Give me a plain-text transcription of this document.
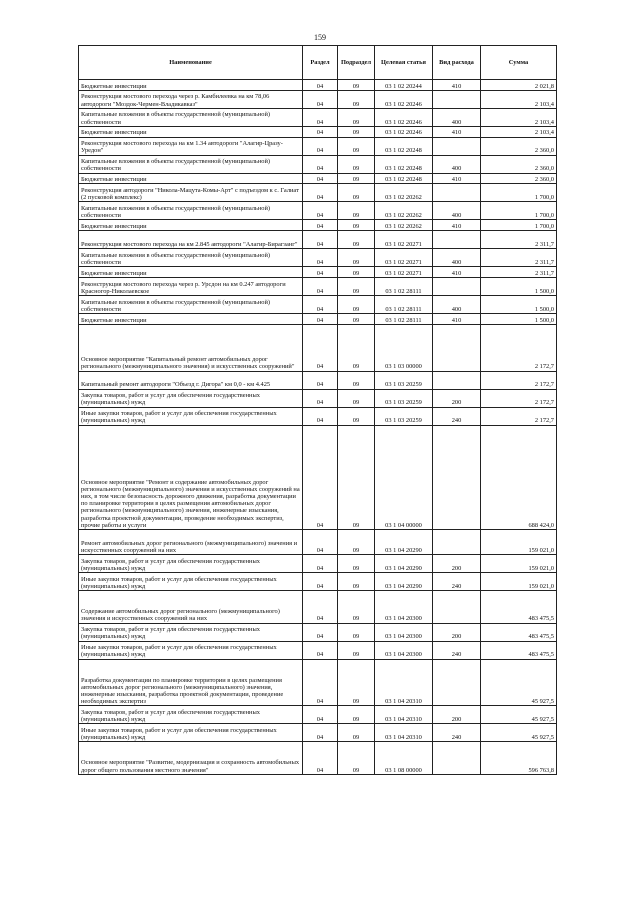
159
Наименование	Раздел	Подраздел	Целевая статья	Вид расхода	Сумма
Бюджетные инвестиции	04	09	03 1 02 20244	410	2 021,8
Реконструкция мостового перехода через р. Камбилеевка на км 78,06 автодороги "Моздок-Чермен-Владикавказ"	04	09	03 1 02 20246		2 103,4
Капитальные вложения в объекты государственной (муниципальной) собственности	04	09	03 1 02 20246	400	2 103,4
Бюджетные инвестиции	04	09	03 1 02 20246	410	2 103,4
Реконструкция мостового перехода на км 1.34 автодороги "Алагир-Цразу-Уредон"	04	09	03 1 02 20248		2 360,0
Капитальные вложения в объекты государственной (муниципальной) собственности	04	09	03 1 02 20248	400	2 360,0
Бюджетные инвестиции	04	09	03 1 02 20248	410	2 360,0
Реконструкция автодороги "Никола-Мацута-Комы-Арт" с подъездом к с. Галиат (2 пусковой комплекс)	04	09	03 1 02 20262		1 700,0
Капитальные вложения в объекты государственной (муниципальной) собственности	04	09	03 1 02 20262	400	1 700,0
Бюджетные инвестиции	04	09	03 1 02 20262	410	1 700,0
Реконструкция мостового перехода на км 2.845 автодороги "Алагир-Бирагзанг"	04	09	03 1 02 20271		2 311,7
Капитальные вложения в объекты государственной (муниципальной) собственности	04	09	03 1 02 20271	400	2 311,7
Бюджетные инвестиции	04	09	03 1 02 20271	410	2 311,7
Реконструкция мостового перехода через р. Урсдон на км 0.247 автодороги Красногор-Николаевское	04	09	03 1 02 28111		1 500,0
Капитальные вложения в объекты государственной (муниципальной) собственности	04	09	03 1 02 28111	400	1 500,0
Бюджетные инвестиции	04	09	03 1 02 28111	410	1 500,0
Основное мероприятие "Капитальный ремонт автомобильных дорог регионального (межмуниципального значения) и искусственных сооружений"	04	09	03 1 03 00000		2 172,7
Капитальный ремонт автодороги "Объезд г. Дигора" км 0,0 - км 4.425	04	09	03 1 03 20259		2 172,7
Закупка товаров, работ и услуг для обеспечения государственных (муниципальных) нужд	04	09	03 1 03 20259	200	2 172,7
Иные закупки товаров, работ и услуг для обеспечения государственных (муниципальных) нужд	04	09	03 1 03 20259	240	2 172,7
Основное мероприятие "Ремонт и содержание автомобильных дорог регионального (межмуниципального) значения и искусственных сооружений на них, в том числе безопасность дорожного движения, разработка документации по планировке территории в целях размещения автомобильных дорог регионального (межмуниципального) значения, инженерные изыскания, разработка проектной документации, проведение необходимых экспертиз, прочие работы и услуги	04	09	03 1 04 00000		688 424,0
Ремонт автомобильных дорог регионального (межмуниципального) значения и искусственных сооружений на них	04	09	03 1 04 20290		159 021,0
Закупка товаров, работ и услуг для обеспечения государственных (муниципальных) нужд	04	09	03 1 04 20290	200	159 021,0
Иные закупки товаров, работ и услуг для обеспечения государственных (муниципальных) нужд	04	09	03 1 04 20290	240	159 021,0
Содержание автомобильных дорог регионального (межмуниципального) значения и искусственных сооружений на них	04	09	03 1 04 20300		483 475,5
Закупка товаров, работ и услуг для обеспечения государственных (муниципальных) нужд	04	09	03 1 04 20300	200	483 475,5
Иные закупки товаров, работ и услуг для обеспечения государственных (муниципальных) нужд	04	09	03 1 04 20300	240	483 475,5
Разработка документации по планировке территории в целях размещения автомобильных дорог регионального (межмуниципального) значения, инженерные изыскания, разработка проектной документации, проведение необходимых экспертиз	04	09	03 1 04 20310		45 927,5
Закупка товаров, работ и услуг для обеспечения государственных (муниципальных) нужд	04	09	03 1 04 20310	200	45 927,5
Иные закупки товаров, работ и услуг для обеспечения государственных (муниципальных) нужд	04	09	03 1 04 20310	240	45 927,5
Основное мероприятие "Развитие, модернизация и сохранность автомобильных дорог общего пользования местного значения"	04	09	03 1 08 00000		596 763,8
